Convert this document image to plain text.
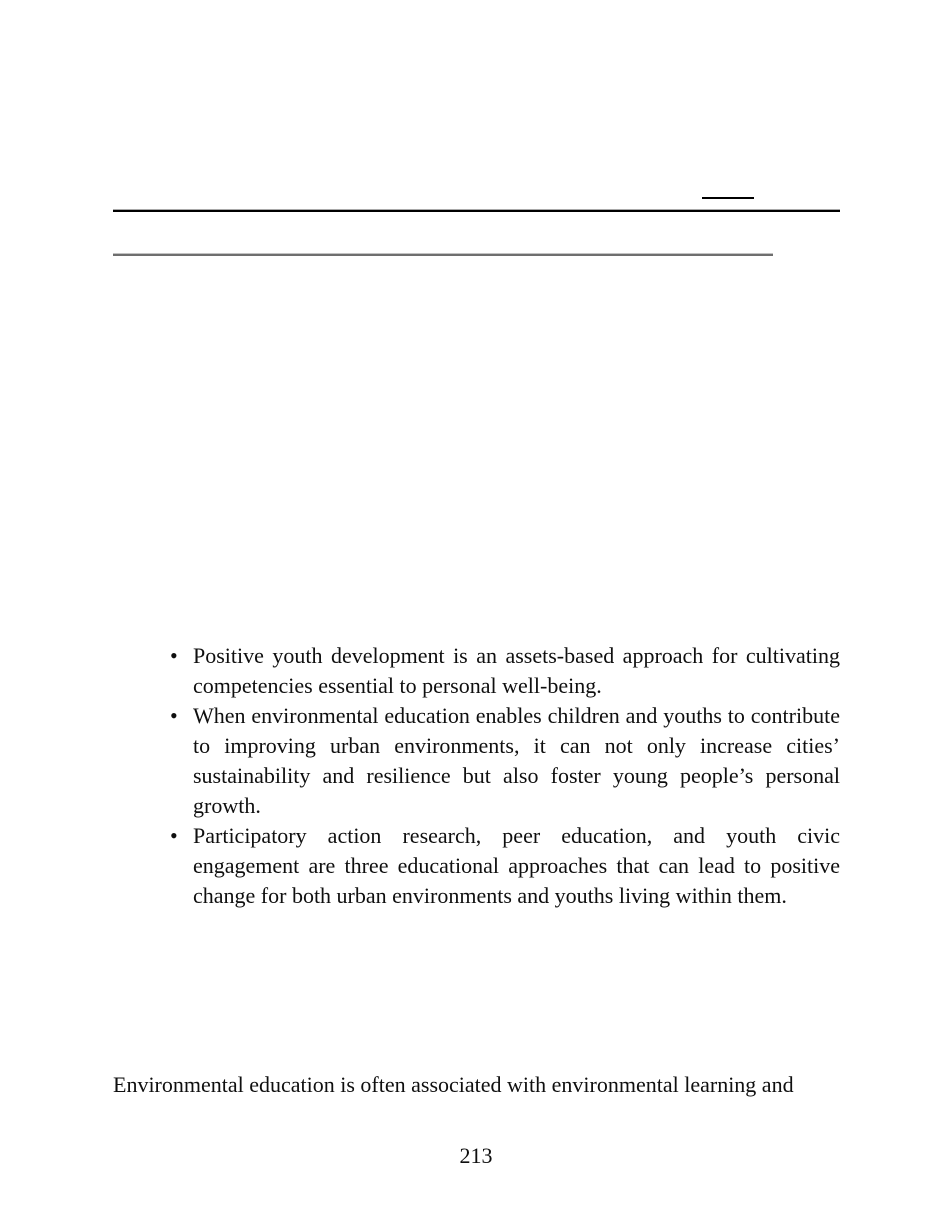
• Positive youth development is an assets-based approach for cultivating competencies essential to personal well-being.
• When environmental education enables children and youths to contribute to improving urban environments, it can not only increase cities’ sustainability and resilience but also foster young people’s personal growth.
• Participatory action research, peer education, and youth civic engagement are three educational approaches that can lead to positive change for both urban environments and youths living within them.

Environmental education is often associated with environmental learning and

213
